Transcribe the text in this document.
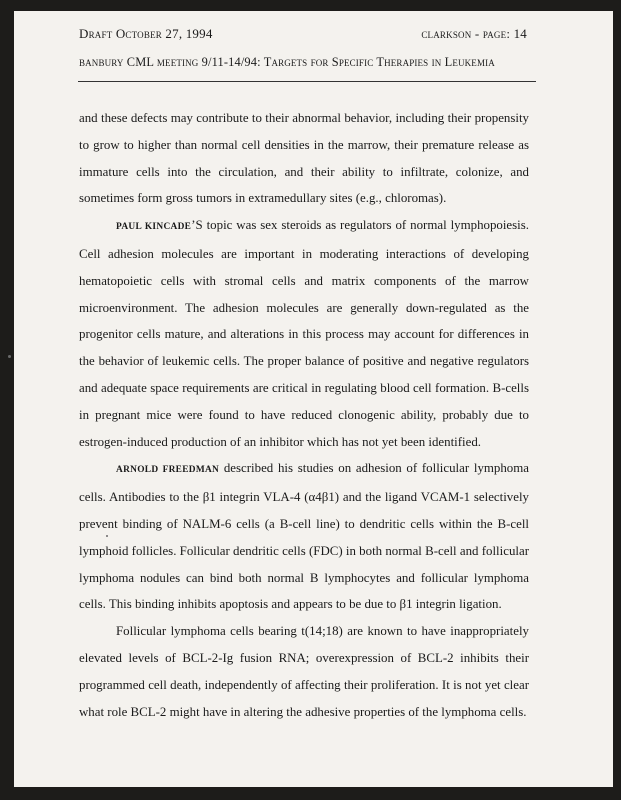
Draft October 27, 1994	clarkson - page: 14
banbury CML meeting 9/11-14/94: Targets for Specific Therapies in Leukemia

and these defects may contribute to their abnormal behavior, including their propensity to grow to higher than normal cell densities in the marrow, their premature release as immature cells into the circulation, and their ability to infiltrate, colonize, and sometimes form gross tumors in extramedullary sites (e.g., chloromas).

PAUL KINCADE’S topic was sex steroids as regulators of normal lymphopoiesis. Cell adhesion molecules are important in moderating interactions of developing hematopoietic cells with stromal cells and matrix components of the marrow microenvironment. The adhesion molecules are generally down-regulated as the progenitor cells mature, and alterations in this process may account for differences in the behavior of leukemic cells. The proper balance of positive and negative regulators and adequate space requirements are critical in regulating blood cell formation. B-cells in pregnant mice were found to have reduced clonogenic ability, probably due to estrogen-induced production of an inhibitor which has not yet been identified.

ARNOLD FREEDMAN described his studies on adhesion of follicular lymphoma cells. Antibodies to the β1 integrin VLA-4 (α4β1) and the ligand VCAM-1 selectively prevent binding of NALM-6 cells (a B-cell line) to dendritic cells within the B-cell lymphoid follicles. Follicular dendritic cells (FDC) in both normal B-cell and follicular lymphoma nodules can bind both normal B lymphocytes and follicular lymphoma cells. This binding inhibits apoptosis and appears to be due to β1 integrin ligation.

Follicular lymphoma cells bearing t(14;18) are known to have inappropriately elevated levels of BCL-2-Ig fusion RNA; overexpression of BCL-2 inhibits their programmed cell death, independently of affecting their proliferation. It is not yet clear what role BCL-2 might have in altering the adhesive properties of the lymphoma cells.
